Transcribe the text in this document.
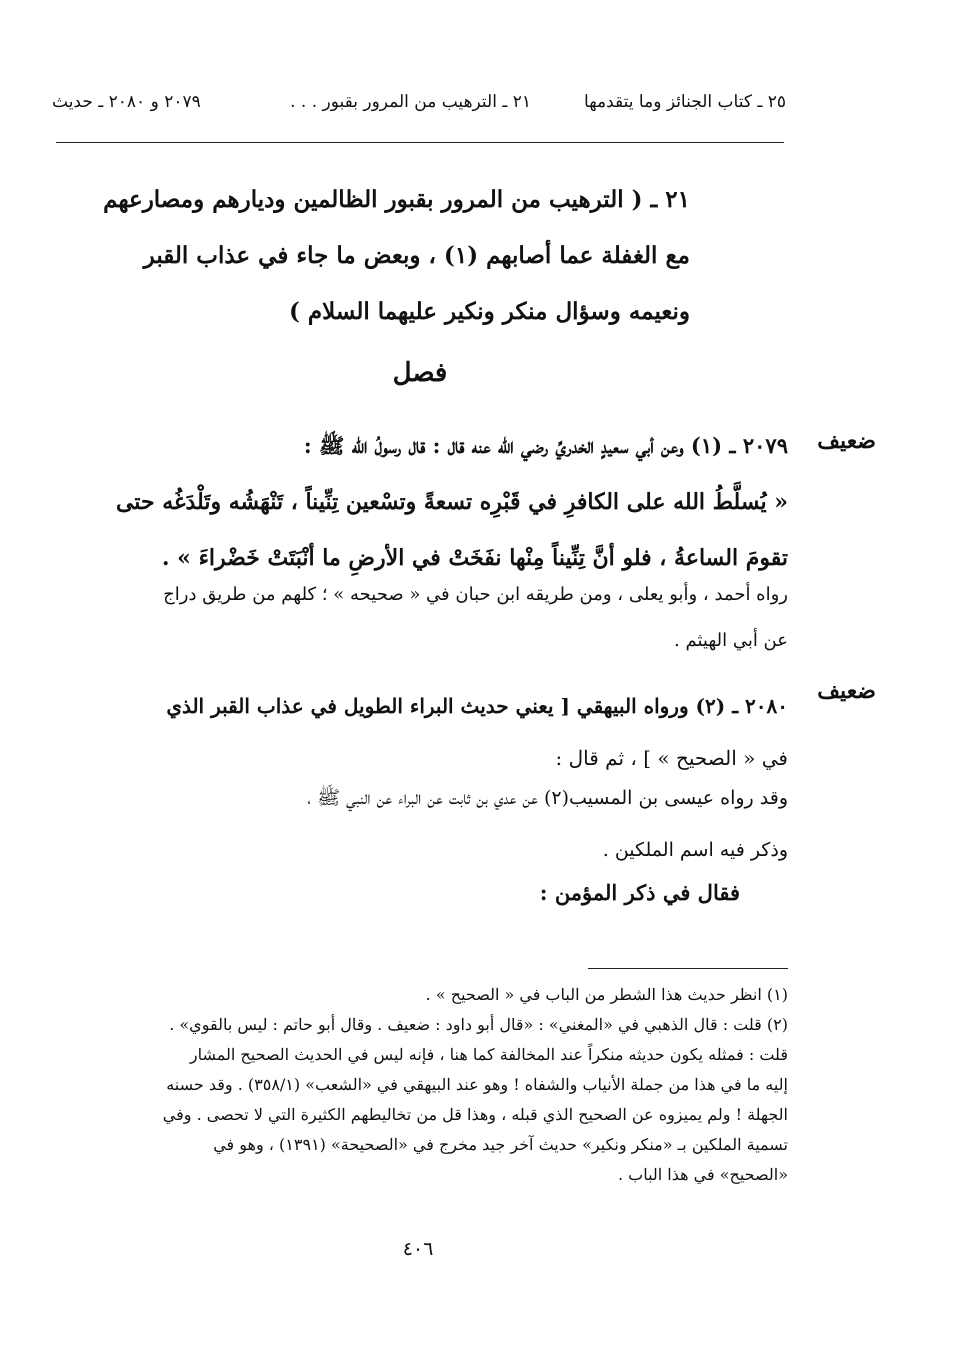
٢٥ ـ كتاب الجنائز وما يتقدمها
٢١ ـ الترهيب من المرور بقبور . . .
٢٠٧٩ و ٢٠٨٠ ـ حديث
٢١ ـ ( الترهيب من المرور بقبور الظالمين وديارهم ومصارعهم
مع الغفلة عما أصابهم (١) ، وبعض ما جاء في عذاب القبر
ونعيمه وسؤال منكر ونكير عليهما السلام )
فصل
ضعيف
٢٠٧٩ ـ (١) وعن أبي سعيدٍ الخدريِّ رضي الله عنه قال : قال رسولُ الله ﷺ :
« يُسلَّطُ الله على الكافرِ في قَبْرِه تسعةً وتسْعين تِنِّيناً ، تَنْهَشُه وتَلْدَغُه حتى
تقومَ الساعةُ ، فلو أنَّ تِنِّيناً مِنْها نفَخَتْ في الأرضِ ما أنْبَتَتْ خَضْراءَ » .
رواه أحمد ، وأبو يعلى ، ومن طريقه ابن حبان في « صحيحه » ؛ كلهم من طريق دراج
عن أبي الهيثم .
ضعيف
٢٠٨٠ ـ (٢) ورواه البيهقي [ يعني حديث البراء الطويل في عذاب القبر الذي
في « الصحيح » ] ، ثم قال :
وقد رواه عيسى بن المسيب(٢) عن عدي بن ثابت عن البراء عن النبي ﷺ ،
وذكر فيه اسم الملكين .
فقال في ذكر المؤمن :
(١) انظر حديث هذا الشطر من الباب في « الصحيح » .
(٢) قلت : قال الذهبي في «المغني» : «قال أبو داود : ضعيف . وقال أبو حاتم : ليس بالقوي» .
قلت : فمثله يكون حديثه منكراً عند المخالفة كما هنا ، فإنه ليس في الحديث الصحيح المشار
إليه ما في هذا من جملة الأنياب والشفاه ! وهو عند البيهقي في «الشعب» (٣٥٨/١) . وقد حسنه
الجهلة ! ولم يميزوه عن الصحيح الذي قبله ، وهذا قل من تخاليطهم الكثيرة التي لا تحصى . وفي
تسمية الملكين بـ «منكر ونكير» حديث آخر جيد مخرج في «الصحيحة» (١٣٩١) ، وهو في
«الصحيح» في هذا الباب .
٤٠٦
